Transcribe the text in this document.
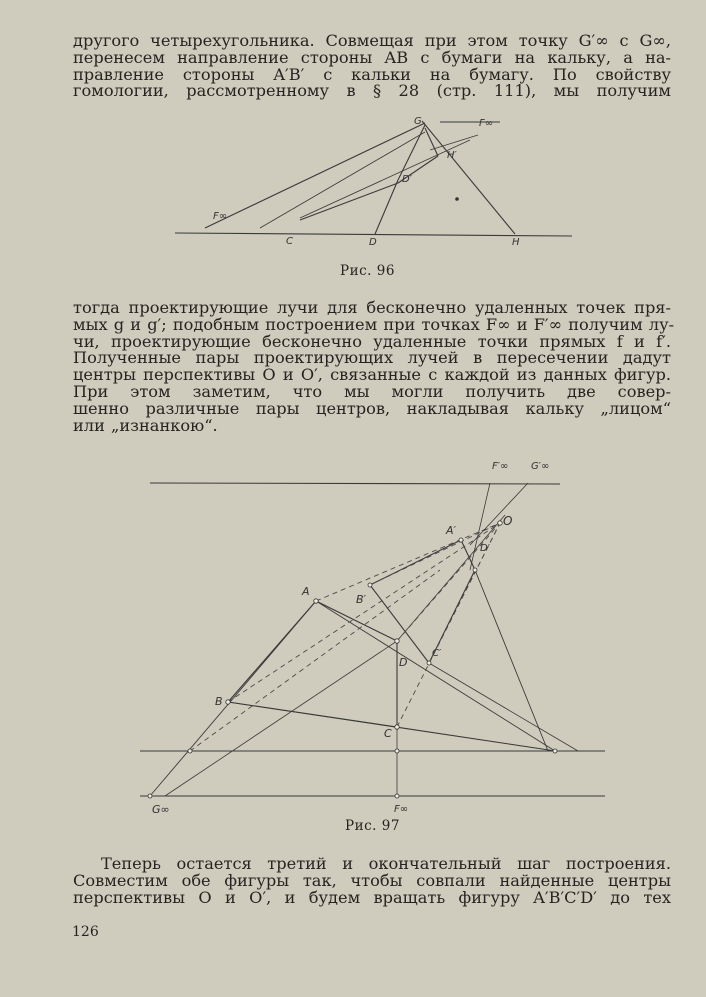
другого четырехугольника. Совмещая при этом точку G′∞ с G∞,
перенесем направление стороны AB с бумаги на кальку, а на-
правление стороны A′B′ с кальки на бумагу. По свойству
гомологии, рассмотренному в § 28 (стр. 111), мы получим
G	F∞
H′
D′
F∞
C	D	H
Рис. 96
тогда проектирующие лучи для бесконечно удаленных точек пря-
мых g и g′; подобным построением при точках F∞ и F′∞ получим лу-
чи, проектирующие бесконечно удаленные точки прямых f и f′.
Полученные пары проектирующих лучей в пересечении дадут
центры перспективы O и O′, связанные с каждой из данных фигур.
При этом заметим, что мы могли получить две совер-
шенно различные пары центров, накладывая кальку „лицом“
или „изнанкою“.
F′∞ G′∞
A′
O
A
B′
D
D′
C′
B
C
G∞	F∞
Рис. 97
Теперь остается третий и окончательный шаг построения.
Совместим обе фигуры так, чтобы совпали найденные центры
перспективы O и O′, и будем вращать фигуру A′B′C′D′ до тех
126
